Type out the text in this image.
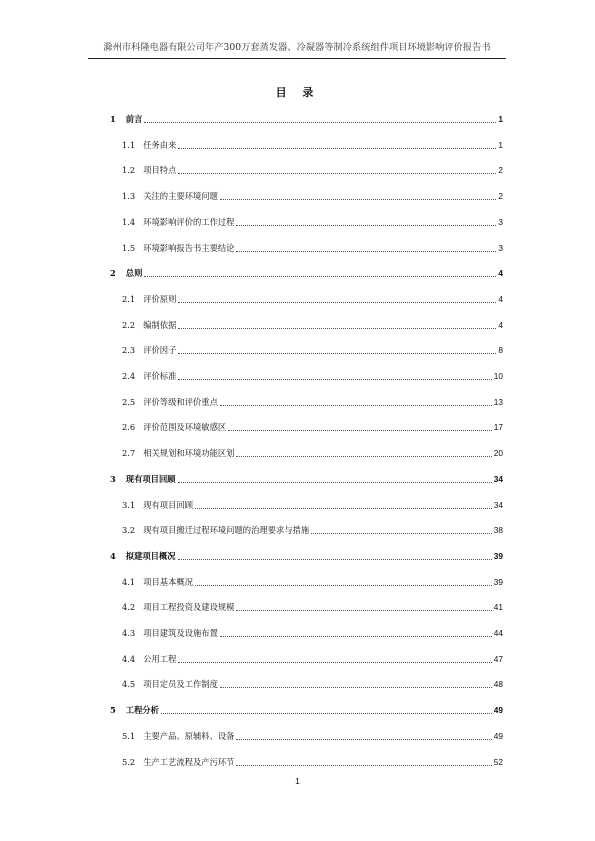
滁州市科隆电器有限公司年产300万套蒸发器、冷凝器等制冷系统组件项目环境影响评价报告书
目 录
1 前言	1
1.1 任务由来	1
1.2 项目特点	2
1.3 关注的主要环境问题	2
1.4 环境影响评价的工作过程	3
1.5 环境影响报告书主要结论	3
2 总则	4
2.1 评价原则	4
2.2 编制依据	4
2.3 评价因子	8
2.4 评价标准	10
2.5 评价等级和评价重点	13
2.6 评价范围及环境敏感区	17
2.7 相关规划和环境功能区划	20
3 现有项目回顾	34
3.1 现有项目回顾	34
3.2 现有项目搬迁过程环境问题的治理要求与措施	38
4 拟建项目概况	39
4.1 项目基本概况	39
4.2 项目工程投资及建设规模	41
4.3 项目建筑及设施布置	44
4.4 公用工程	47
4.5 项目定员及工作制度	48
5 工程分析	49
5.1 主要产品、原辅料、设备	49
5.2 生产工艺流程及产污环节	52
1
